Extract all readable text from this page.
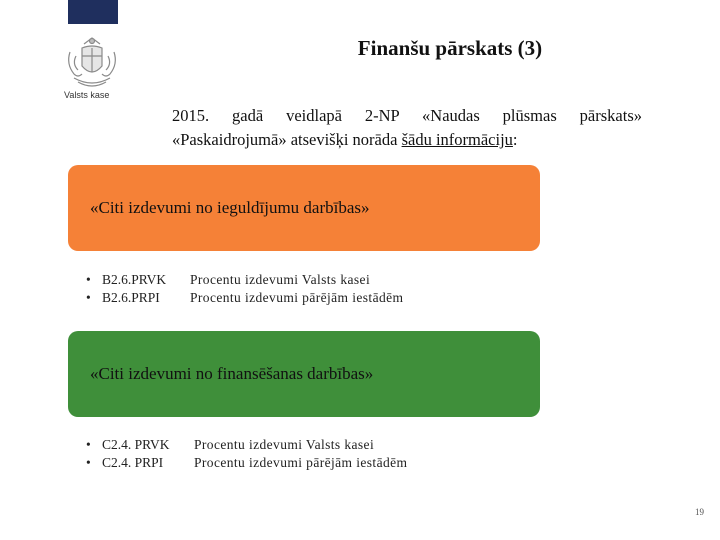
Valsts kase
Finanšu pārskats (3)
2015. gadā veidlapā 2-NP «Naudas plūsmas pārskats» «Paskaidrojumā» atsevišķi norāda šādu informāciju:
«Citi izdevumi no ieguldījumu darbības»
• B2.6.PRVK	Procentu izdevumi Valsts kasei
• B2.6.PRPI	Procentu izdevumi pārējām iestādēm
«Citi izdevumi no finansēšanas darbības»
• C2.4. PRVK	Procentu izdevumi Valsts kasei
• C2.4. PRPI	Procentu izdevumi pārējām iestādēm
19
